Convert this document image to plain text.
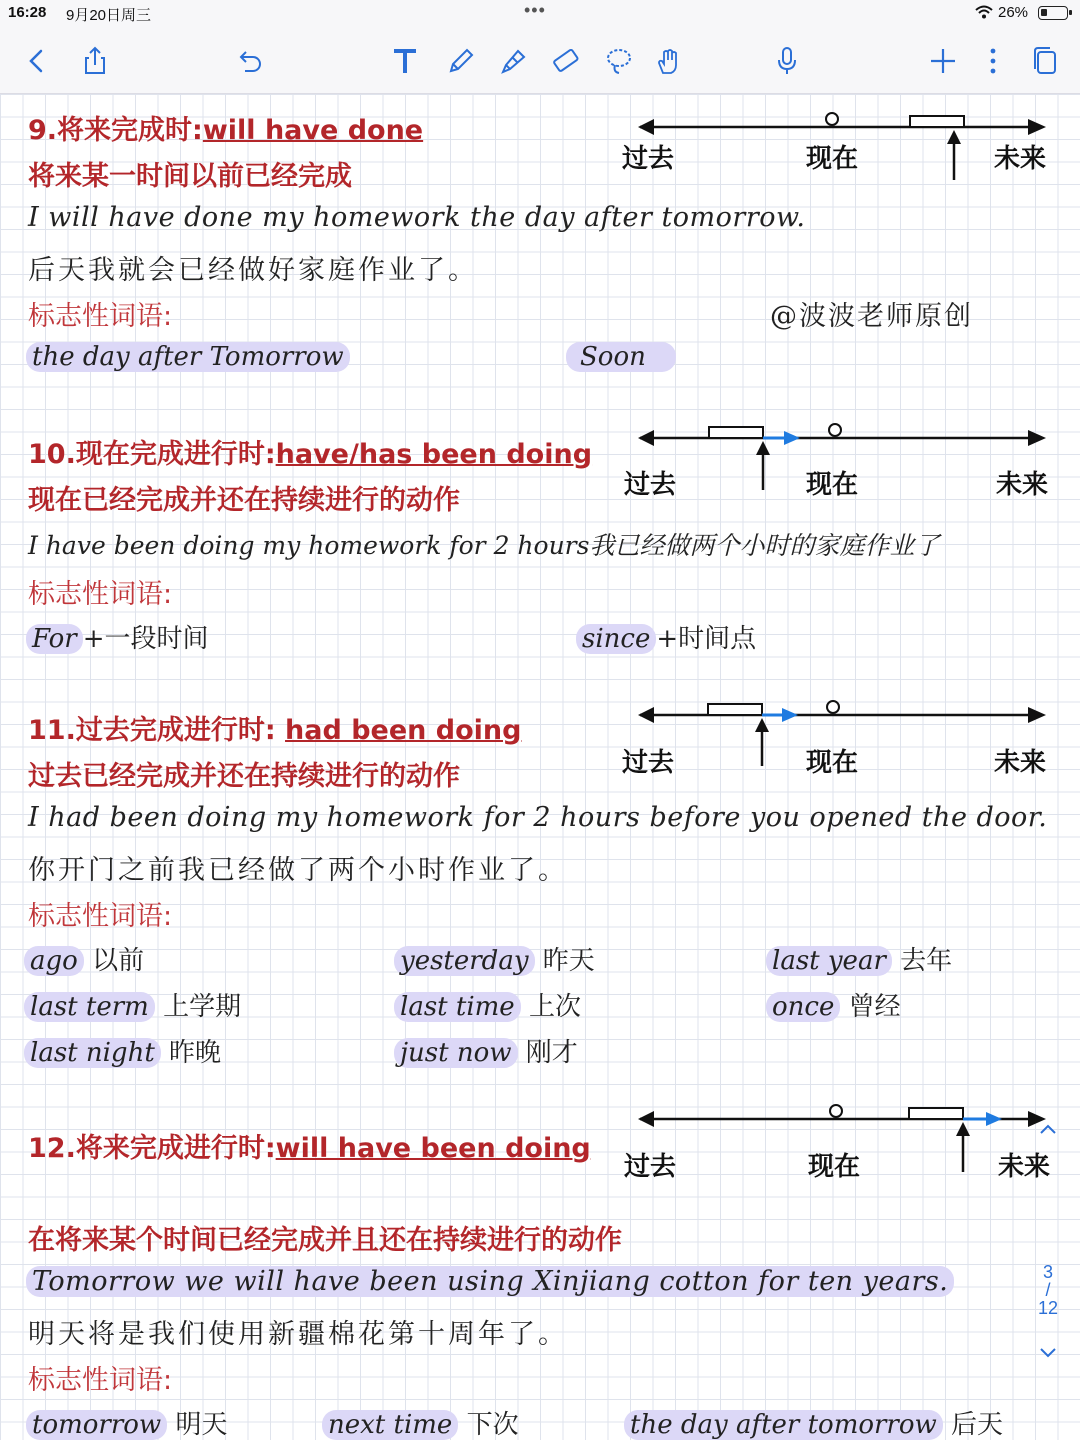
16:28 9月20日周三	•••	26%
9.将来完成时:will have done
将来某一时间以前已经完成
I will have done my homework the day after tomorrow.
后天我就会已经做好家庭作业了。
标志性词语:	@波波老师原创
the day after Tomorrow	Soon
过去	现在	未来
10.现在完成进行时:have/has been doing
现在已经完成并还在持续进行的动作
I have been doing my homework for 2 hours我已经做两个小时的家庭作业了
标志性词语:
For +一段时间	since +时间点
过去	现在	未来
11.过去完成进行时: had been doing
过去已经完成并还在持续进行的动作
I had been doing my homework for 2 hours before you opened the door.
你开门之前我已经做了两个小时作业了。
标志性词语:
ago 以前	yesterday 昨天	last year 去年
last term 上学期	last time 上次	once 曾经
last night 昨晚	just now 刚才
过去	现在	未来
12.将来完成进行时:will have been doing
在将来某个时间已经完成并且还在持续进行的动作
Tomorrow we will have been using Xinjiang cotton for ten years.
明天将是我们使用新疆棉花第十周年了。
标志性词语:
tomorrow 明天	next time 下次	the day after tomorrow 后天
过去	现在	未来
3
/
12
